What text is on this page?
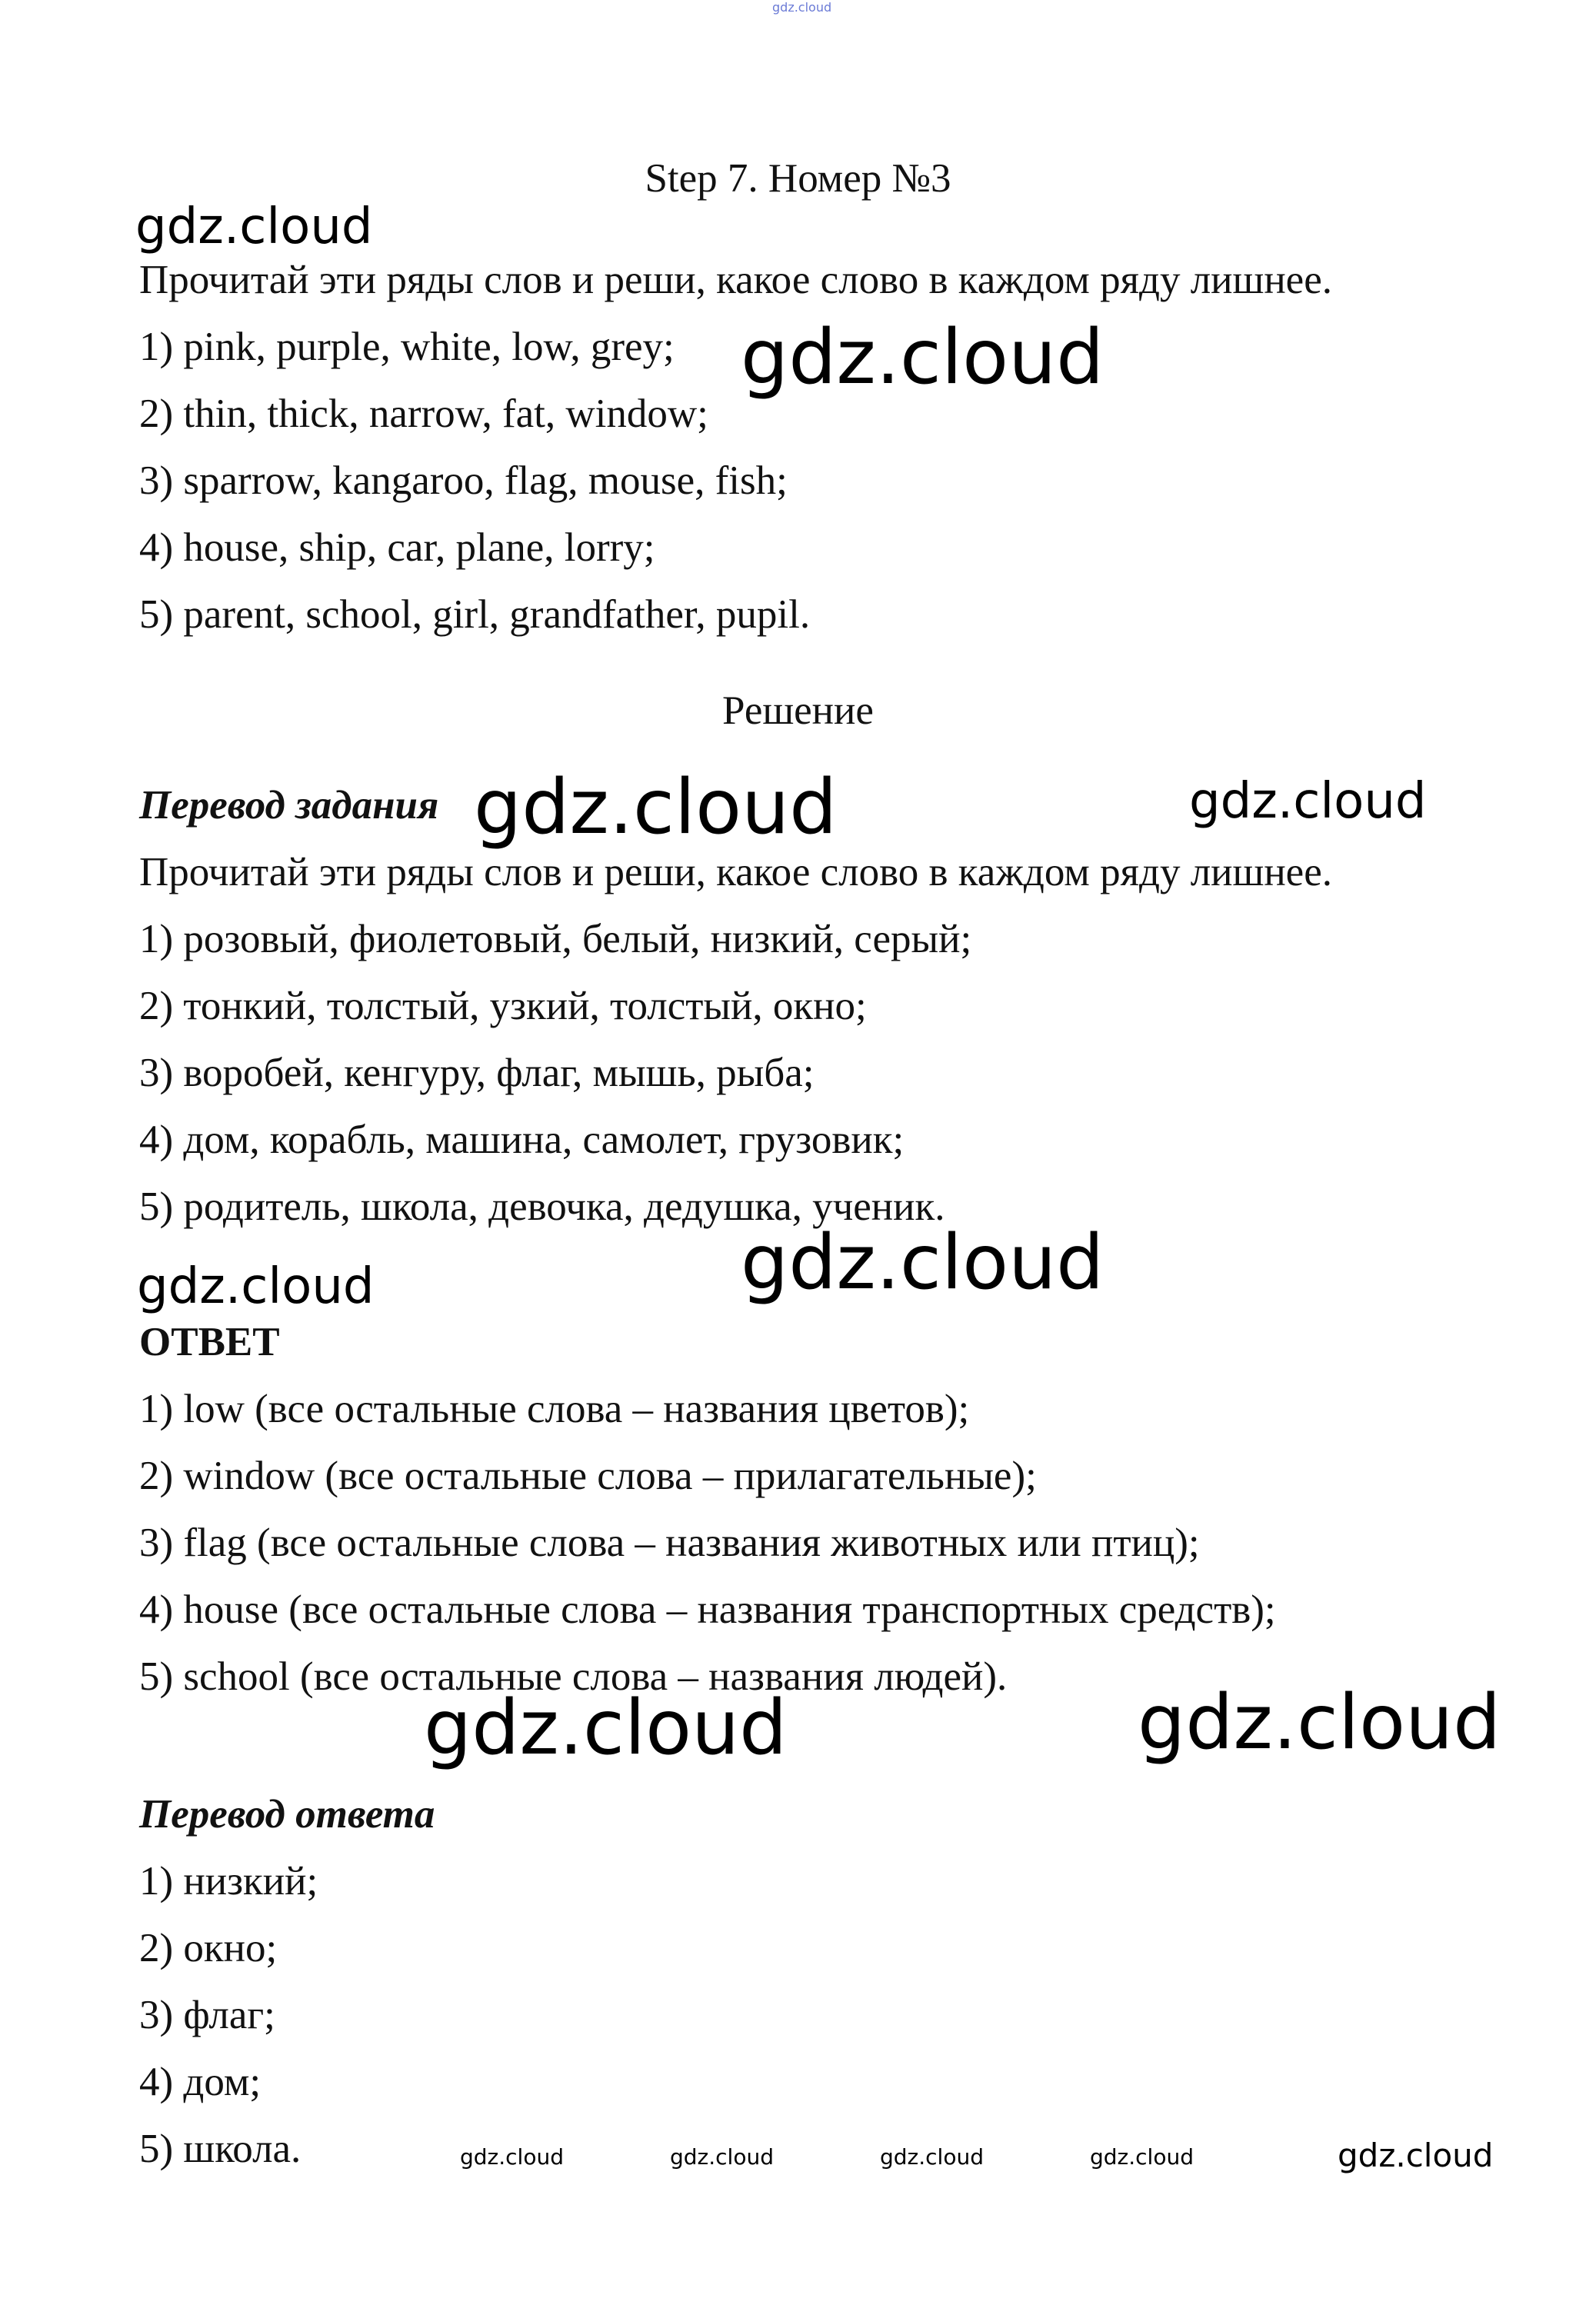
gdz.cloud
Step 7. Номер №3
gdz.cloud
Прочитай эти ряды слов и реши, какое слово в каждом ряду лишнее.
1) pink, purple, white, low, grey;
2) thin, thick, narrow, fat, window;
3) sparrow, kangaroo, flag, mouse, fish;
4) house, ship, car, plane, lorry;
5) parent, school, girl, grandfather, pupil.
gdz.cloud
Решение
Перевод задания gdz.cloud	gdz.cloud
Прочитай эти ряды слов и реши, какое слово в каждом ряду лишнее.
1) розовый, фиолетовый, белый, низкий, серый;
2) тонкий, толстый, узкий, толстый, окно;
3) воробей, кенгуру, флаг, мышь, рыба;
4) дом, корабль, машина, самолет, грузовик;
5) родитель, школа, девочка, дедушка, ученик.
gdz.cloud
gdz.cloud
ОТВЕТ
1) low (все остальные слова – названия цветов);
2) window (все остальные слова – прилагательные);
3) flag (все остальные слова – названия животных или птиц);
4) house (все остальные слова – названия транспортных средств);
5) school (все остальные слова – названия людей).
gdz.cloud	gdz.cloud
Перевод ответа
1) низкий;
2) окно;
3) флаг;
4) дом;
5) школа.	gdz.cloud	gdz.cloud	gdz.cloud	gdz.cloud	gdz.cloud
